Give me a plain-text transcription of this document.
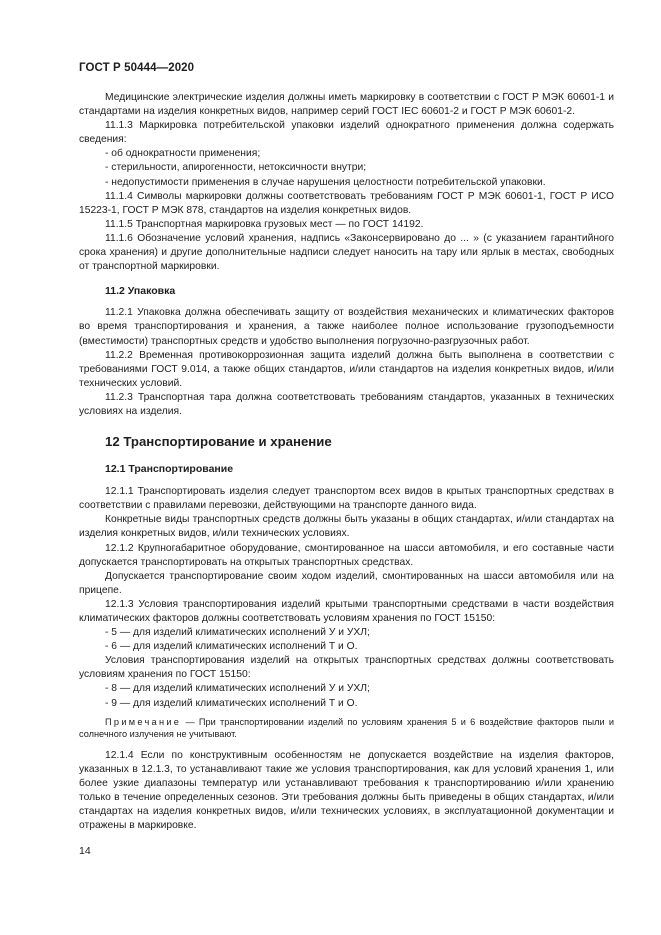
ГОСТ Р 50444—2020

Медицинские электрические изделия должны иметь маркировку в соответствии с ГОСТ Р МЭК 60601-1 и стандартами на изделия конкретных видов, например серий ГОСТ IEC 60601-2 и ГОСТ Р МЭК 60601-2.

11.1.3 Маркировка потребительской упаковки изделий однократного применения должна содержать сведения:

- об однократности применения;

- стерильности, апирогенности, нетоксичности внутри;

- недопустимости применения в случае нарушения целостности потребительской упаковки.

11.1.4 Символы маркировки должны соответствовать требованиям ГОСТ Р МЭК 60601-1, ГОСТ Р ИСО 15223-1, ГОСТ Р МЭК 878, стандартов на изделия конкретных видов.

11.1.5 Транспортная маркировка грузовых мест — по ГОСТ 14192.

11.1.6 Обозначение условий хранения, надпись «Законсервировано до ... » (с указанием гарантийного срока хранения) и другие дополнительные надписи следует наносить на тару или ярлык в местах, свободных от транспортной маркировки.

11.2 Упаковка

11.2.1 Упаковка должна обеспечивать защиту от воздействия механических и климатических факторов во время транспортирования и хранения, а также наиболее полное использование грузоподъемности (вместимости) транспортных средств и удобство выполнения погрузочно-разгрузочных работ.

11.2.2 Временная противокоррозионная защита изделий должна быть выполнена в соответствии с требованиями ГОСТ 9.014, а также общих стандартов, и/или стандартов на изделия конкретных видов, и/или технических условий.

11.2.3 Транспортная тара должна соответствовать требованиям стандартов, указанных в технических условиях на изделия.

12 Транспортирование и хранение
12.1 Транспортирование

12.1.1 Транспортировать изделия следует транспортом всех видов в крытых транспортных средствах в соответствии с правилами перевозки, действующими на транспорте данного вида.

Конкретные виды транспортных средств должны быть указаны в общих стандартах, и/или стандартах на изделия конкретных видов, и/или технических условиях.

12.1.2 Крупногабаритное оборудование, смонтированное на шасси автомобиля, и его составные части допускается транспортировать на открытых транспортных средствах.

Допускается транспортирование своим ходом изделий, смонтированных на шасси автомобиля или на прицепе.

12.1.3 Условия транспортирования изделий крытыми транспортными средствами в части воздействия климатических факторов должны соответствовать условиям хранения по ГОСТ 15150:

- 5 — для изделий климатических исполнений У и УХЛ;

- 6 — для изделий климатических исполнений Т и О.

Условия транспортирования изделий на открытых транспортных средствах должны соответствовать условиям хранения по ГОСТ 15150:

- 8 — для изделий климатических исполнений У и УХЛ;

- 9 — для изделий климатических исполнений Т и О.

Примечание — При транспортировании изделий по условиям хранения 5 и 6 воздействие факторов пыли и солнечного излучения не учитывают.

12.1.4 Если по конструктивным особенностям не допускается воздействие на изделия факторов, указанных в 12.1.3, то устанавливают такие же условия транспортирования, как для условий хранения 1, или более узкие диапазоны температур или устанавливают требования к транспортированию и/или хранению только в течение определенных сезонов. Эти требования должны быть приведены в общих стандартах, и/или стандартах на изделия конкретных видов, и/или технических условиях, в эксплуатационной документации и отражены в маркировке.

14
